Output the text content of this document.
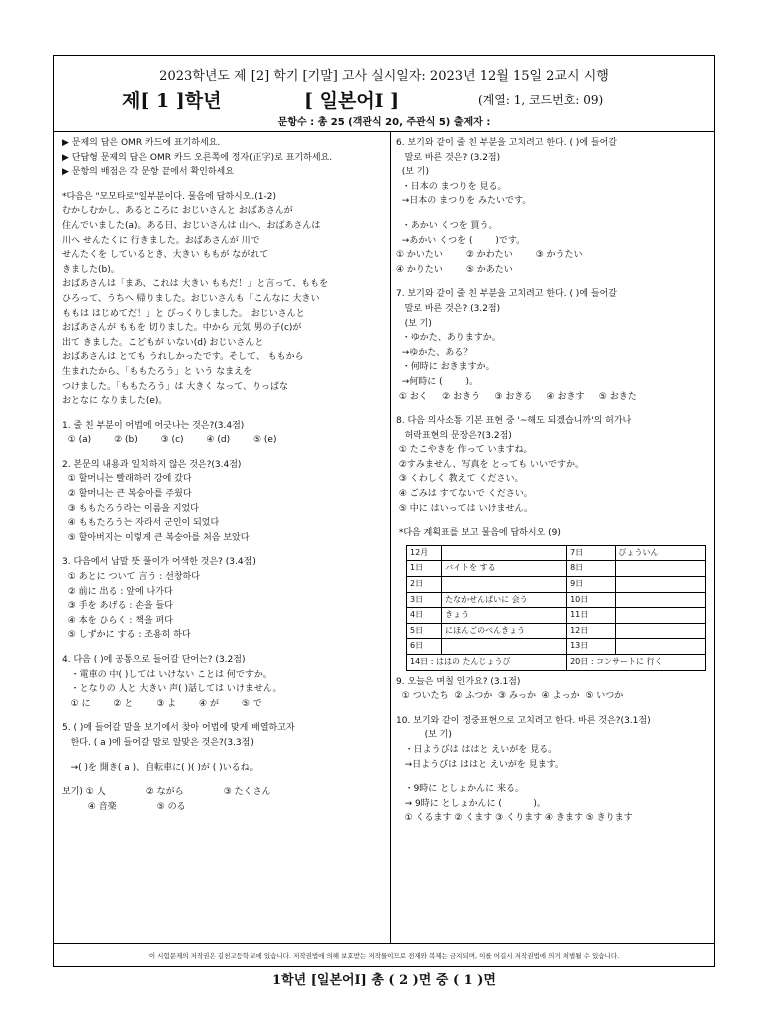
2023학년도 제 [2] 학기 [기말] 고사 실시일자: 2023년 12월 15일 2교시 시행
제[ 1 ]학년	[ 일본어I ]	(계열: 1, 코드번호: 09)
문항수 : 총 25 (객관식 20, 주관식 5) 출제자 :
▶ 문제의 답은 OMR 카드에 표기하세요.
▶ 단답형 문제의 답은 OMR 카드 오른쪽에 정자(正字)로 표기하세요.
▶ 문항의 배점은 각 문항 끝에서 확인하세요
*다음은 "모모타로"일부분이다. 물음에 답하시오.(1-2)
むかしむかし、あるところに おじいさんと おばあさんが
住んでいました(a)。ある日、おじいさんは 山へ、おばあさんは
川へ せんたくに 行きました。おばあさんが 川で
せんたくを しているとき、大きい ももが ながれて
きました(b)。
おばあさんは「まあ、これは 大きい ももだ！」と言って、ももを
ひろって、うちへ 帰りました。おじいさんも「こんなに 大きい
ももは はじめてだ！」と びっくりしました。 おじいさんと
おばあさんが ももを 切りました。中から 元気 男の子(c)が
出て きました。こどもが いない(d) おじいさんと
おばあさんは とても うれしかったです。そして、 ももから
生まれたから、「ももたろう」と いう なまえを
つけました。「ももたろう」は 大きく なって、りっぱな
おとなに なりました(e)。
1. 줄 친 부분이 어법에 어긋나는 것은?(3.4점)
① (a)        ② (b)        ③ (c)        ④ (d)        ⑤ (e)
2. 본문의 내용과 일치하지 않은 것은?(3.4점)
① 할머니는 빨래하러 강에 갔다
② 할머니는 큰 복숭아를 주웠다
③ ももたろう라는 이름을 지었다
④ ももたろう는 자라서 군인이 되었다
⑤ 할아버지는 이렇게 큰 복숭아를 처음 보았다
3. 다음에서 납말 뜻 풀이가 어색한 것은? (3.4점)
① あとに ついて 言う : 선창하다
② 前に 出る : 앞에 나가다
③ 手を あげる : 손을 들다
④ 本を ひらく : 책을 펴다
⑤ しずかに する : 조용히 하다
4. 다음 ( )에 공통으로 들어갈 단어는? (3.2점)
・電車の 中( )しては いけない ことは 何ですか。
・となりの 人と 大きい 声( )話しては いけません。
① に        ② と        ③ よ        ④ が        ⑤ で
5. ( )에 들어갈 말을 보기에서 찾아 어법에 맞게 배열하고자
한다. ( a )에 들어갈 말로 알맞은 것은?(3.3점)
→( )を 開き( a )、自転車に( )( )が ( )いるね。
보기) ① 人              ② ながら              ③ たくさん
④ 音楽              ⑤ のる
6. 보기와 같이 줄 친 부분을 고치려고 한다. ( )에 들어갈
말로 바른 것은? (3.2점)
(보 기)
・日本の まつりを 見る。
→日本の まつりを みたいです。
・あかい くつを 買う。
→あかい くつを (        )です。
① かいたい        ② かわたい        ③ かうたい
④ かりたい        ⑤ かあたい
7. 보기와 같이 줄 친 부분을 고치려고 한다. ( )에 들어갈
말로 바른 것은? (3.2점)
(보 기)
・ゆかた、ありますか。
→ゆかた、ある？
・何時に おきますか。
→何時に (        )。
① おく     ② おきう     ③ おきる     ④ おきす     ⑤ おきた
8. 다음 의사소통 기본 표현 중 '~해도 되겠습니까'의 허가나
허락표현의 문장은?(3.2점)
① たこやきを 作って いますね。
②すみません、写真を とっても いいですか。
③ くわしく 教えて ください。
④ ごみは すてないで ください。
⑤ 中に はいっては いけません。
*다음 계획표를 보고 물음에 답하시오 (9)
12月		7日	びょういん
1日	バイトを する	8日	
2日		9日	
3日	たなかせんぱいに 会う	10日	
4日	きょう	11日	
5日	にほんごのべんきょう	12日	
6日		13日	
14日 : ははの たんじょうび		20日 : コンサートに 行く	
9. 오늘은 며칠 인가요? (3.1점)
① ついたち  ② ふつか  ③ みっか  ④ よっか  ⑤ いつか
10. 보기와 같이 정중표현으로 고치려고 한다. 바른 것은?(3.1점)
(보 기)
・日ようびは ははと えいがを 見る。
→日ようびは ははと えいがを 見ます。
・9時に としょかんに 来る。
→ 9時に としょかんに (           )。
① くるます ② くます ③ くります ④ きます ⑤ きります
이 시험문제의 저작권은 김천고등학교에 있습니다. 저작권법에 의해 보호받는 저작물이므로 전재와 복제는 금지되며, 이를 어길시 저작권법에 의거 처벌될 수 있습니다.
1학년 [일본어I] 총 ( 2 )면 중 ( 1 )면
